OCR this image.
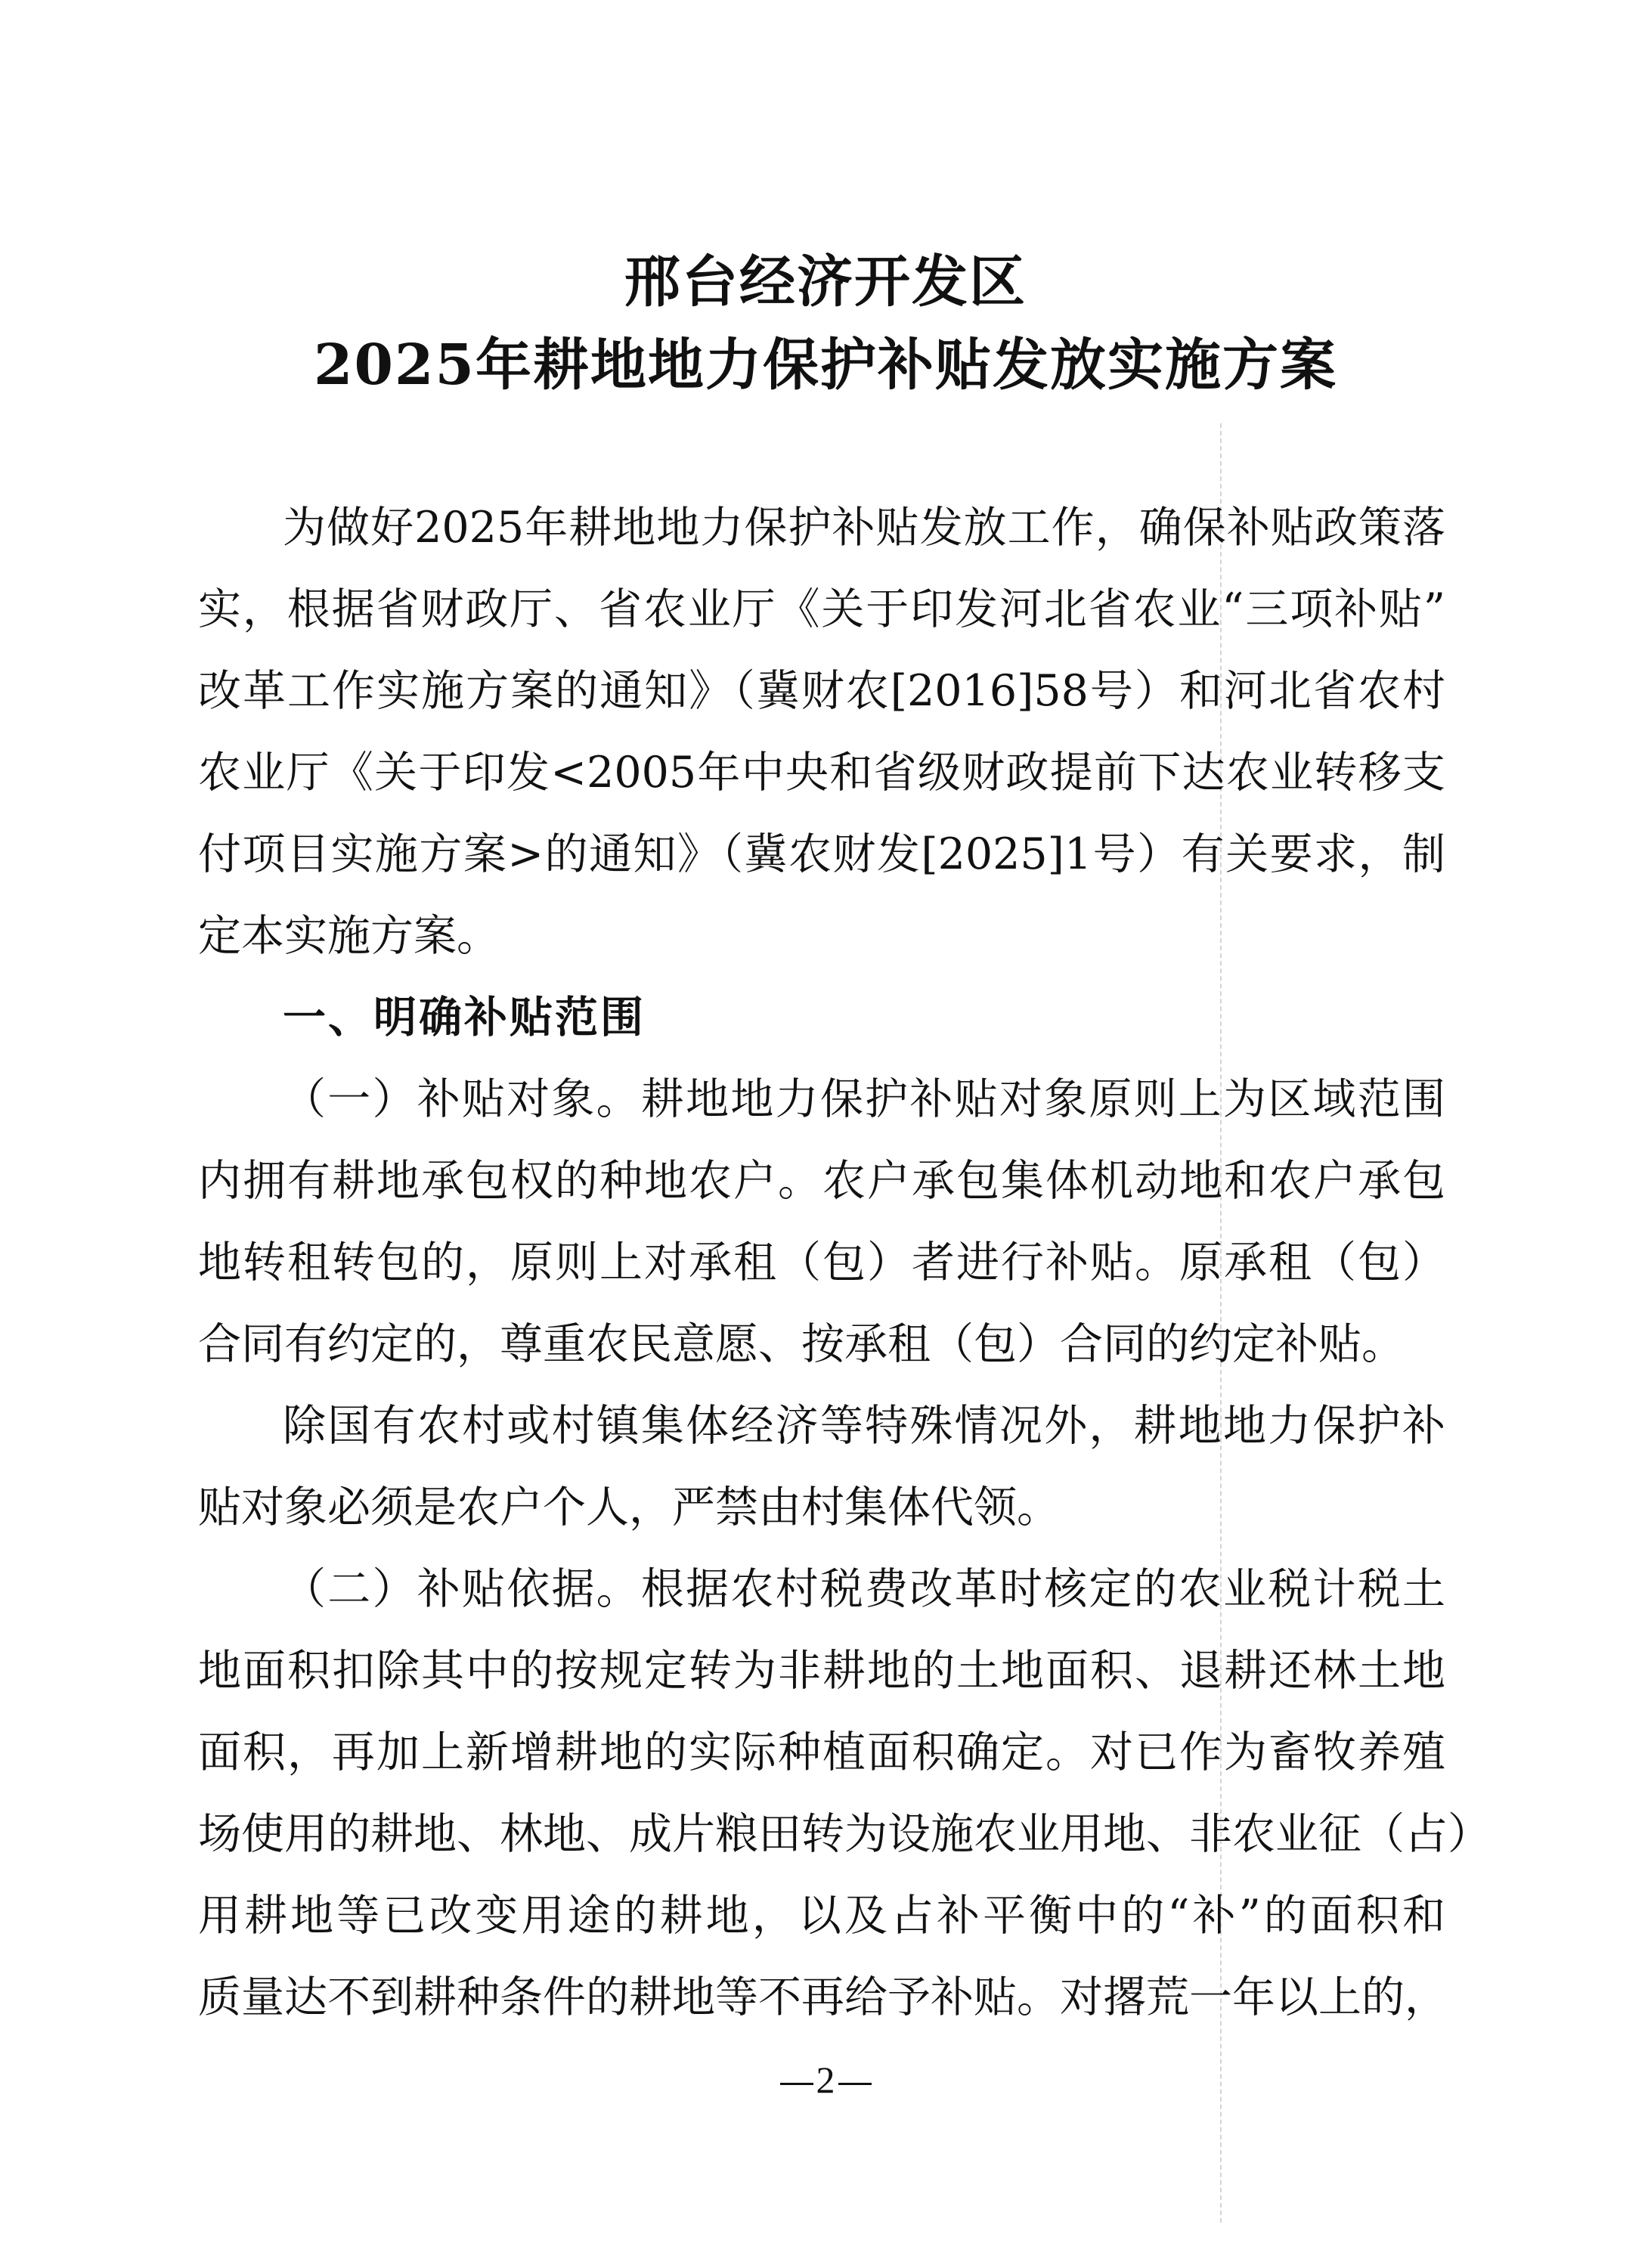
邢台经济开发区
2025年耕地地力保护补贴发放实施方案
为做好2025年耕地地力保护补贴发放工作，确保补贴政策落
实，根据省财政厅、省农业厅《关于印发河北省农业“三项补贴”
改革工作实施方案的通知》（冀财农[2016]58号）和河北省农村
农业厅《关于印发<2005年中央和省级财政提前下达农业转移支
付项目实施方案>的通知》（冀农财发[2025]1号）有关要求，制
定本实施方案。
一、明确补贴范围
（一）补贴对象。耕地地力保护补贴对象原则上为区域范围
内拥有耕地承包权的种地农户。农户承包集体机动地和农户承包
地转租转包的，原则上对承租（包）者进行补贴。原承租（包）
合同有约定的，尊重农民意愿、按承租（包）合同的约定补贴。
除国有农村或村镇集体经济等特殊情况外，耕地地力保护补
贴对象必须是农户个人，严禁由村集体代领。
（二）补贴依据。根据农村税费改革时核定的农业税计税土
地面积扣除其中的按规定转为非耕地的土地面积、退耕还林土地
面积，再加上新增耕地的实际种植面积确定。对已作为畜牧养殖
场使用的耕地、林地、成片粮田转为设施农业用地、非农业征（占）
用耕地等已改变用途的耕地，以及占补平衡中的“补”的面积和
质量达不到耕种条件的耕地等不再给予补贴。对撂荒一年以上的，
2
